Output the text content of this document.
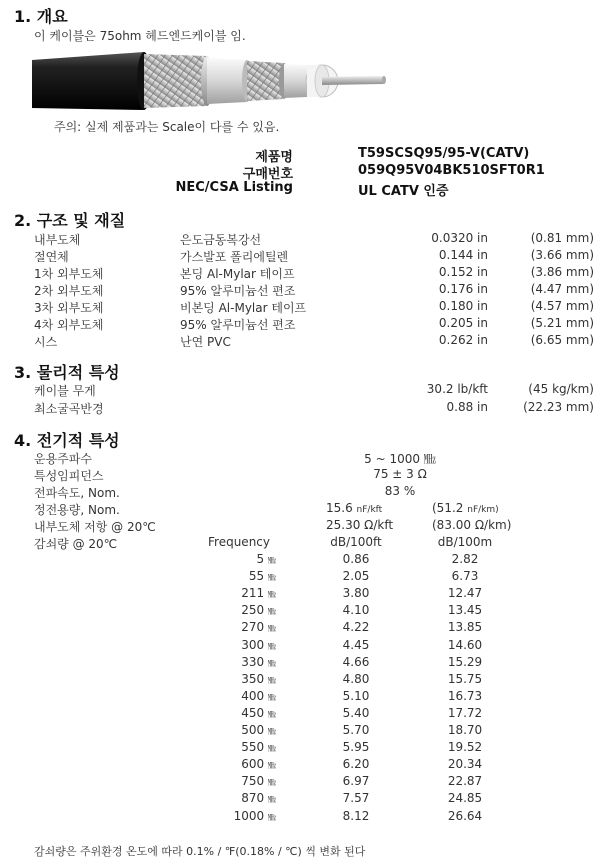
1. 개요
이 케이블은 75ohm 헤드엔드케이블 임.
주의: 실제 제품과는 Scale이 다를 수 있음.
제품명	T59SCSQ95/95-V(CATV)
구매번호	059Q95V04BK510SFT0R1
NEC/CSA Listing	UL CATV 인증
2. 구조 및 재질
내부도체	은도금동복강선	0.0320 in	(0.81 mm)
절연체	가스발포 폴리에틸렌	0.144 in	(3.66 mm)
1차 외부도체	본딩 Al-Mylar 테이프	0.152 in	(3.86 mm)
2차 외부도체	95% 알루미늄선 편조	0.176 in	(4.47 mm)
3차 외부도체	비본딩 Al-Mylar 테이프	0.180 in	(4.57 mm)
4차 외부도체	95% 알루미늄선 편조	0.205 in	(5.21 mm)
시스	난연 PVC	0.262 in	(6.65 mm)
3. 물리적 특성
케이블 무게	30.2 lb/kft	(45 kg/km)
최소굴곡반경	0.88 in	(22.23 mm)
4. 전기적 특성
운용주파수	5 ~ 1000 ㎒
특성임피던스	75 ± 3 Ω
전파속도, Nom.	83 %
정전용량, Nom.	15.6 nF/kft	(51.2 nF/km)
내부도체 저항 @ 20℃	25.30 Ω/kft	(83.00 Ω/km)
감쇠량 @ 20℃	Frequency	dB/100ft	dB/100m
5 ㎒	0.86	2.82
55 ㎒	2.05	6.73
211 ㎒	3.80	12.47
250 ㎒	4.10	13.45
270 ㎒	4.22	13.85
300 ㎒	4.45	14.60
330 ㎒	4.66	15.29
350 ㎒	4.80	15.75
400 ㎒	5.10	16.73
450 ㎒	5.40	17.72
500 ㎒	5.70	18.70
550 ㎒	5.95	19.52
600 ㎒	6.20	20.34
750 ㎒	6.97	22.87
870 ㎒	7.57	24.85
1000 ㎒	8.12	26.64
감쇠량은 주위환경 온도에 따라 0.1% / ℉(0.18% / ℃) 씩 변화 된다
